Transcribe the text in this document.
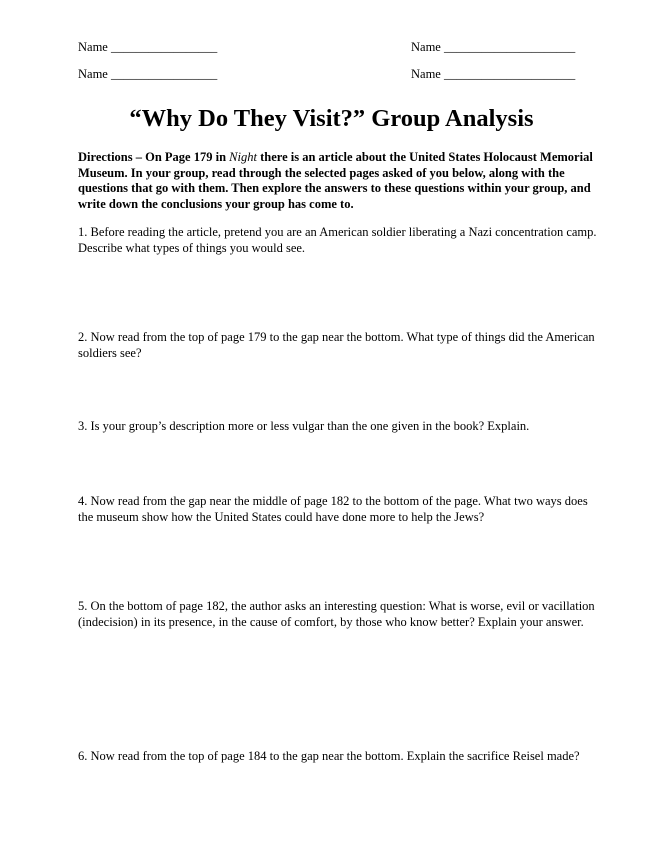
Name _________________	Name _____________________
Name _________________	Name _____________________
“Why Do They Visit?” Group Analysis
Directions – On Page 179 in Night there is an article about the United States Holocaust Memorial Museum. In your group, read through the selected pages asked of you below, along with the questions that go with them. Then explore the answers to these questions within your group, and write down the conclusions your group has come to.
1. Before reading the article, pretend you are an American soldier liberating a Nazi concentration camp. Describe what types of things you would see.
2. Now read from the top of page 179 to the gap near the bottom. What type of things did the American soldiers see?
3. Is your group’s description more or less vulgar than the one given in the book? Explain.
4. Now read from the gap near the middle of page 182 to the bottom of the page. What two ways does the museum show how the United States could have done more to help the Jews?
5. On the bottom of page 182, the author asks an interesting question: What is worse, evil or vacillation (indecision) in its presence, in the cause of comfort, by those who know better? Explain your answer.
6. Now read from the top of page 184 to the gap near the bottom. Explain the sacrifice Reisel made?
